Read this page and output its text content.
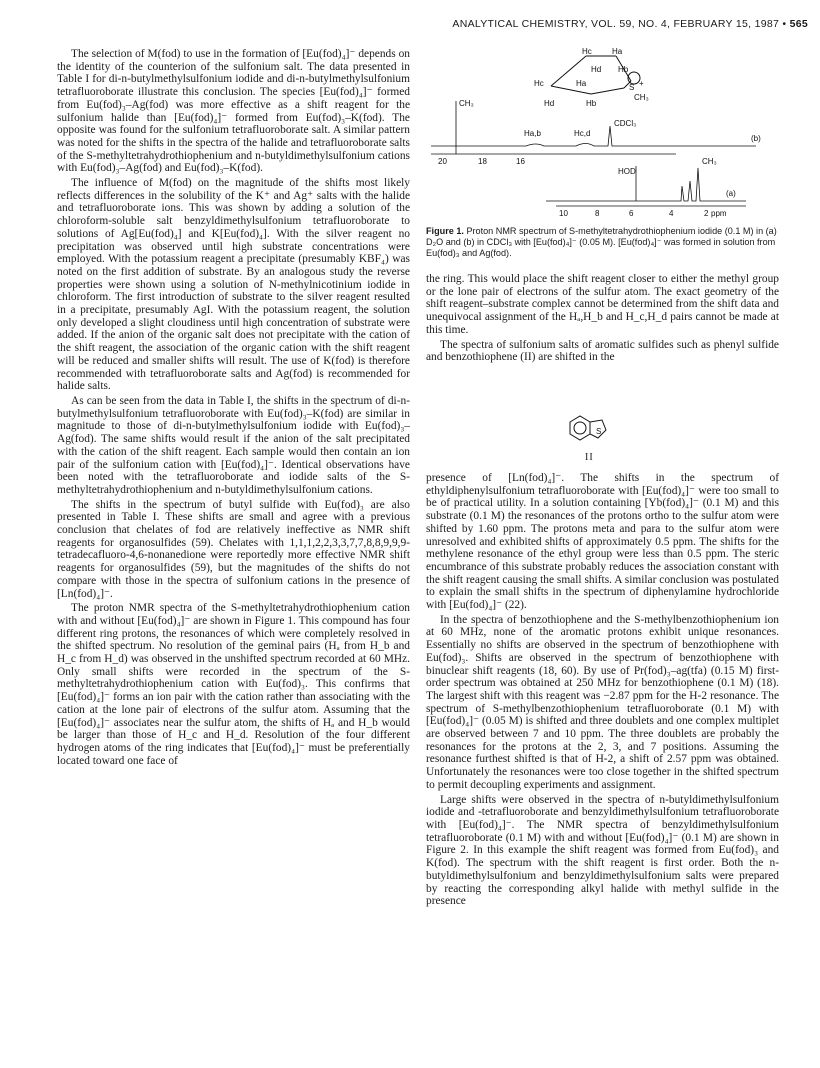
ANALYTICAL CHEMISTRY, VOL. 59, NO. 4, FEBRUARY 15, 1987 • 565

The selection of M(fod) to use in the formation of [Eu(fod)₄]⁻ depends on the identity of the counterion of the sulfonium salt. The data presented in Table I for di-n-butylmethylsulfonium iodide and di-n-butylmethylsulfonium tetrafluoroborate illustrate this conclusion. The species [Eu(fod)₄]⁻ formed from Eu(fod)₃–Ag(fod) was more effective as a shift reagent for the sulfonium halide than [Eu(fod)₄]⁻ formed from Eu(fod)₃–K(fod). The opposite was found for the sulfonium tetrafluoroborate salt. A similar pattern was noted for the shifts in the spectra of the halide and tetrafluoroborate salts of the S-methyltetrahydrothiophenium and n-butyldimethylsulfonium cations with Eu(fod)₃–Ag(fod) and Eu(fod)₃–K(fod).

The influence of M(fod) on the magnitude of the shifts most likely reflects differences in the solubility of the K⁺ and Ag⁺ salts with the halide and tetrafluoroborate ions. This was shown by adding a solution of the chloroform-soluble salt benzyldimethylsulfonium tetrafluoroborate to solutions of Ag[Eu(fod)₄] and K[Eu(fod)₄]. With the silver reagent no precipitation was observed until high substrate concentrations were employed. With the potassium reagent a precipitate (presumably KBF₄) was noted on the first addition of substrate. By an analogous study the reverse properties were shown using a solution of N-methylnicotinium iodide in chloroform. The first introduction of substrate to the silver reagent resulted in a precipitate, presumably AgI. With the potassium reagent, the solution only developed a slight cloudiness until high concentration of substrate were added. If the anion of the organic salt does not precipitate with the cation of the shift reagent, the association of the organic cation with the shift reagent will be reduced and smaller shifts will result. The use of K(fod) is therefore recommended with tetrafluoroborate salts and Ag(fod) is recommended for halide salts.

As can be seen from the data in Table I, the shifts in the spectrum of di-n-butylmethylsulfonium tetrafluoroborate with Eu(fod)₃–K(fod) are similar in magnitude to those of di-n-butylmethylsulfonium iodide with Eu(fod)₃–Ag(fod). The same shifts would result if the anion of the salt precipitated with the cation of the shift reagent. Each sample would then contain an ion pair of the sulfonium cation with [Eu(fod)₄]⁻. Identical observations have been noted with the tetrafluoroborate and iodide salts of the S-methyltetrahydrothiophenium and n-butyldimethylsulfonium cations.

The shifts in the spectrum of butyl sulfide with Eu(fod)₃ are also presented in Table I. These shifts are small and agree with a previous conclusion that chelates of fod are relatively ineffective as NMR shift reagents for organosulfides (59). Chelates with 1,1,1,2,2,3,3,7,7,8,8,9,9,9-tetradecafluoro-4,6-nonanedione were reportedly more effective NMR shift reagents for organosulfides (59), but the magnitudes of the shifts do not compare with those in the spectra of sulfonium cations in the presence of [Ln(fod)₄]⁻.

The proton NMR spectra of the S-methyltetrahydrothiophenium cation with and without [Eu(fod)₄]⁻ are shown in Figure 1. This compound has four different ring protons, the resonances of which were completely resolved in the shifted spectrum. No resolution of the geminal pairs (Hₐ from H_b and H_c from H_d) was observed in the unshifted spectrum recorded at 60 MHz. Only small shifts were recorded in the spectrum of the S-methyltetrahydrothiophenium cation with Eu(fod)₃. This confirms that [Eu(fod)₄]⁻ forms an ion pair with the cation rather than associating with the cation at the lone pair of electrons of the sulfur atom. Assuming that the [Eu(fod)₄]⁻ associates near the sulfur atom, the shifts of Hₐ and H_b would be larger than those of H_c and H_d. Resolution of the four different hydrogen atoms of the ring indicates that [Eu(fod)₄]⁻ must be preferentially located toward one face of

Hc	Ha
Hd Hb
Hc	Ha
Hd	Hb
S +
CH₃
CH₃
Ha,b	Hc,d
CDCl₃
(b)
20	18	16
HOD
CH₃
(a)
10	8	6	4	2 ppm
Figure 1. Proton NMR spectrum of S-methyltetrahydrothiophenium iodide (0.1 M) in (a) D₂O and (b) in CDCl₃ with [Eu(fod)₄]⁻ (0.05 M). [Eu(fod)₄]⁻ was formed in solution from Eu(fod)₃ and Ag(fod).

the ring. This would place the shift reagent closer to either the methyl group or the lone pair of electrons of the sulfur atom. The exact geometry of the shift reagent–substrate complex cannot be determined from the shift data and unequivocal assignment of the Hₐ,H_b and H_c,H_d pairs cannot be made at this time.

The spectra of sulfonium salts of aromatic sulfides such as phenyl sulfide and benzothiophene (II) are shifted in the

S
II

presence of [Ln(fod)₄]⁻. The shifts in the spectrum of ethyldiphenylsulfonium tetrafluoroborate with [Eu(fod)₄]⁻ were too small to be of practical utility. In a solution containing [Yb(fod)₄]⁻ (0.1 M) and this substrate (0.1 M) the resonances of the protons ortho to the sulfur atom were shifted by 1.60 ppm. The protons meta and para to the sulfur atom were unresolved and exhibited shifts of approximately 0.5 ppm. The shifts for the methylene resonance of the ethyl group were less than 0.5 ppm. The steric encumbrance of this substrate probably reduces the association constant with the shift reagent causing the small shifts. A similar conclusion was postulated to explain the small shifts in the spectrum of diphenylamine hydrochloride with [Eu(fod)₄]⁻ (22).

In the spectra of benzothiophene and the S-methylbenzothiophenium ion at 60 MHz, none of the aromatic protons exhibit unique resonances. Essentially no shifts are observed in the spectrum of benzothiophene with Eu(fod)₃. Shifts are observed in the spectrum of benzothiophene with binuclear shift reagents (18, 60). By use of Pr(fod)₃–ag(tfa) (0.15 M) first-order spectrum was obtained at 250 MHz for benzothiophene (0.1 M) (18). The largest shift with this reagent was −2.87 ppm for the H-2 resonance. The spectrum of S-methylbenzothiophenium tetrafluoroborate (0.1 M) with [Eu(fod)₄]⁻ (0.05 M) is shifted and three doublets and one complex multiplet are observed between 7 and 10 ppm. The three doublets are probably the resonances for the protons at the 2, 3, and 7 positions. Assuming the resonance furthest shifted is that of H-2, a shift of 2.57 ppm was obtained. Unfortunately the resonances were too close together in the shifted spectrum to permit decoupling experiments and assignment.

Large shifts were observed in the spectra of n-butyldimethylsulfonium iodide and -tetrafluoroborate and benzyldimethylsulfonium tetrafluoroborate with [Eu(fod)₄]⁻. The NMR spectra of benzyldimethylsulfonium tetrafluoroborate (0.1 M) with and without [Eu(fod)₄]⁻ (0.1 M) are shown in Figure 2. In this example the shift reagent was formed from Eu(fod)₃ and K(fod). The spectrum with the shift reagent is first order. Both the n-butyldimethylsulfonium and benzyldimethylsulfonium salts were prepared by reacting the corresponding alkyl halide with methyl sulfide in the presence
